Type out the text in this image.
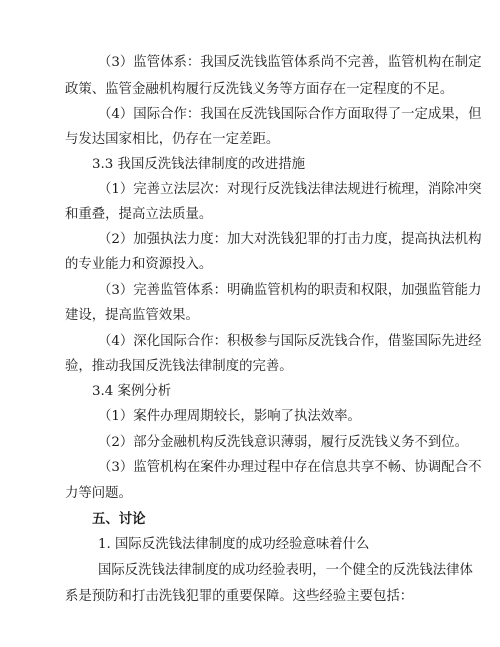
（3）监管体系：我国反洗钱监管体系尚不完善，监管机构在制定
政策、监管金融机构履行反洗钱义务等方面存在一定程度的不足。
（4）国际合作：我国在反洗钱国际合作方面取得了一定成果，但
与发达国家相比，仍存在一定差距。
3.3 我国反洗钱法律制度的改进措施
（1）完善立法层次：对现行反洗钱法律法规进行梳理，消除冲突
和重叠，提高立法质量。
（2）加强执法力度：加大对洗钱犯罪的打击力度，提高执法机构
的专业能力和资源投入。
（3）完善监管体系：明确监管机构的职责和权限，加强监管能力
建设，提高监管效果。
（4）深化国际合作：积极参与国际反洗钱合作，借鉴国际先进经
验，推动我国反洗钱法律制度的完善。
3.4 案例分析
（1）案件办理周期较长，影响了执法效率。
（2）部分金融机构反洗钱意识薄弱，履行反洗钱义务不到位。
（3）监管机构在案件办理过程中存在信息共享不畅、协调配合不
力等问题。
五、讨论
1. 国际反洗钱法律制度的成功经验意味着什么
国际反洗钱法律制度的成功经验表明，一个健全的反洗钱法律体
系是预防和打击洗钱犯罪的重要保障。这些经验主要包括：
